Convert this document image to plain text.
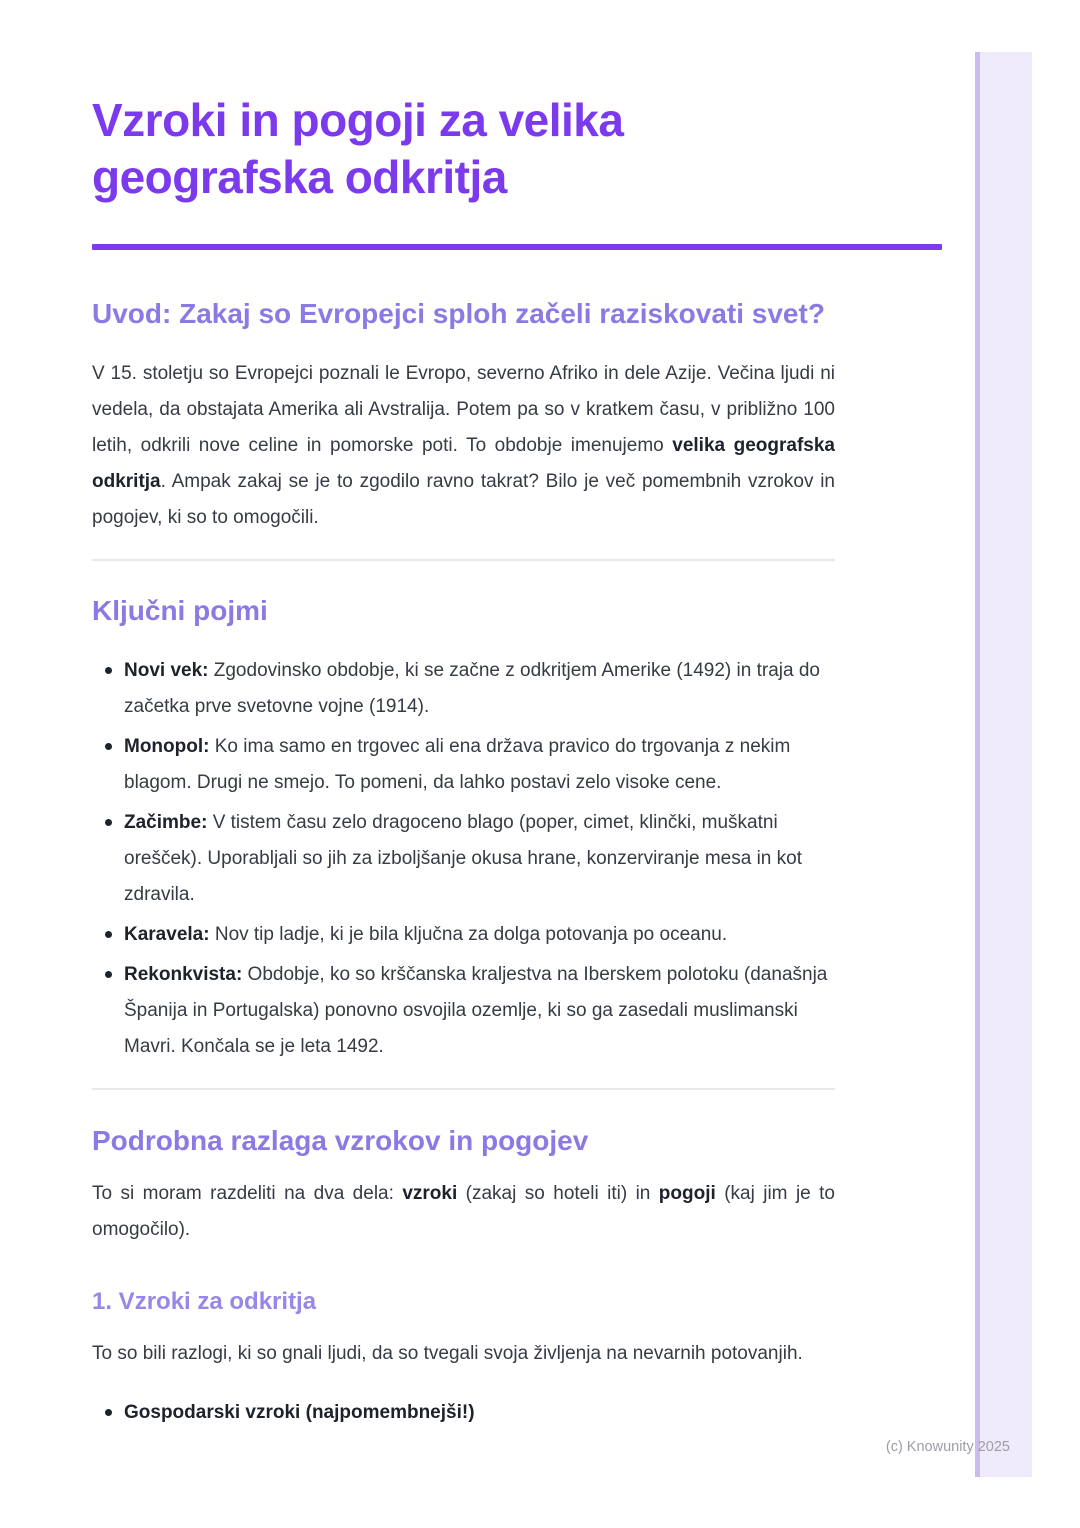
Vzroki in pogoji za velika geografska odkritja
Uvod: Zakaj so Evropejci sploh začeli raziskovati svet?

V 15. stoletju so Evropejci poznali le Evropo, severno Afriko in dele Azije. Večina ljudi ni vedela, da obstajata Amerika ali Avstralija. Potem pa so v kratkem času, v približno 100 letih, odkrili nove celine in pomorske poti. To obdobje imenujemo velika geografska odkritja. Ampak zakaj se je to zgodilo ravno takrat? Bilo je več pomembnih vzrokov in pogojev, ki so to omogočili.

Ključni pojmi
Novi vek: Zgodovinsko obdobje, ki se začne z odkritjem Amerike (1492) in traja do začetka prve svetovne vojne (1914).
Monopol: Ko ima samo en trgovec ali ena država pravico do trgovanja z nekim blagom. Drugi ne smejo. To pomeni, da lahko postavi zelo visoke cene.
Začimbe: V tistem času zelo dragoceno blago (poper, cimet, klinčki, muškatni orešček). Uporabljali so jih za izboljšanje okusa hrane, konzerviranje mesa in kot zdravila.
Karavela: Nov tip ladje, ki je bila ključna za dolga potovanja po oceanu.
Rekonkvista: Obdobje, ko so krščanska kraljestva na Iberskem polotoku (današnja Španija in Portugalska) ponovno osvojila ozemlje, ki so ga zasedali muslimanski Mavri. Končala se je leta 1492.
Podrobna razlaga vzrokov in pogojev

To si moram razdeliti na dva dela: vzroki (zakaj so hoteli iti) in pogoji (kaj jim je to omogočilo).

1. Vzroki za odkritja

To so bili razlogi, ki so gnali ljudi, da so tvegali svoja življenja na nevarnih potovanjih.

Gospodarski vzroki (najpomembnejši!)
(c) Knowunity 2025
